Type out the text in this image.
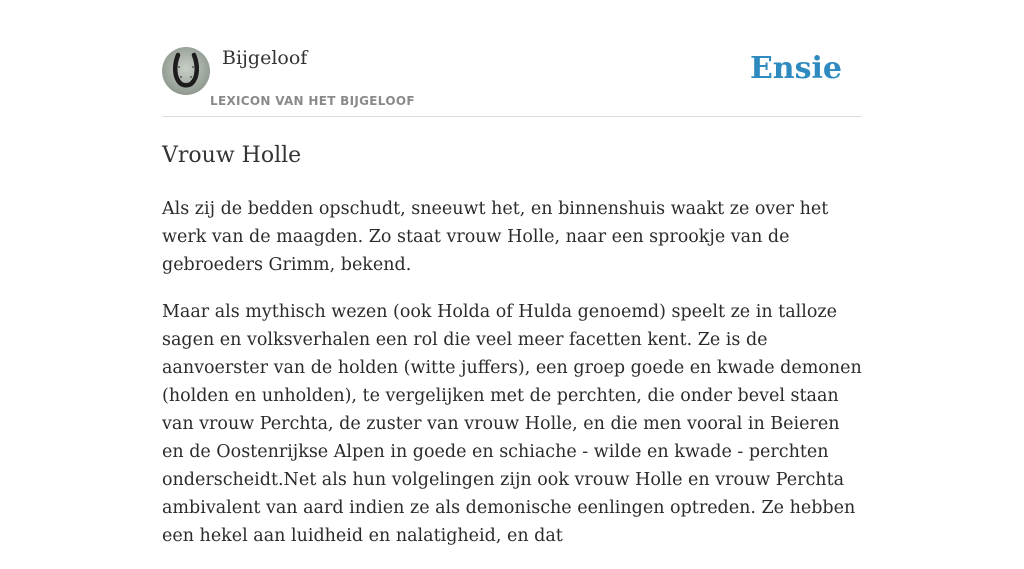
Bijgeloof
LEXICON VAN HET BIJGELOOF
Ensie
Vrouw Holle

Als zij de bedden opschudt, sneeuwt het, en binnenshuis waakt ze over het werk van de maagden. Zo staat vrouw Holle, naar een sprookje van de gebroeders Grimm, bekend.

Maar als mythisch wezen (ook Holda of Hulda genoemd) speelt ze in talloze sagen en volksverhalen een rol die veel meer facetten kent. Ze is de aanvoerster van de holden (witte juffers), een groep goede en kwade demonen (holden en unholden), te vergelijken met de perchten, die onder bevel staan van vrouw Perchta, de zuster van vrouw Holle, en die men vooral in Beieren en de Oostenrijkse Alpen in goede en schiache - wilde en kwade - perchten onderscheidt.Net als hun volgelingen zijn ook vrouw Holle en vrouw Perchta ambivalent van aard indien ze als demonische eenlingen optreden. Ze hebben een hekel aan luidheid en nalatigheid, en dat
